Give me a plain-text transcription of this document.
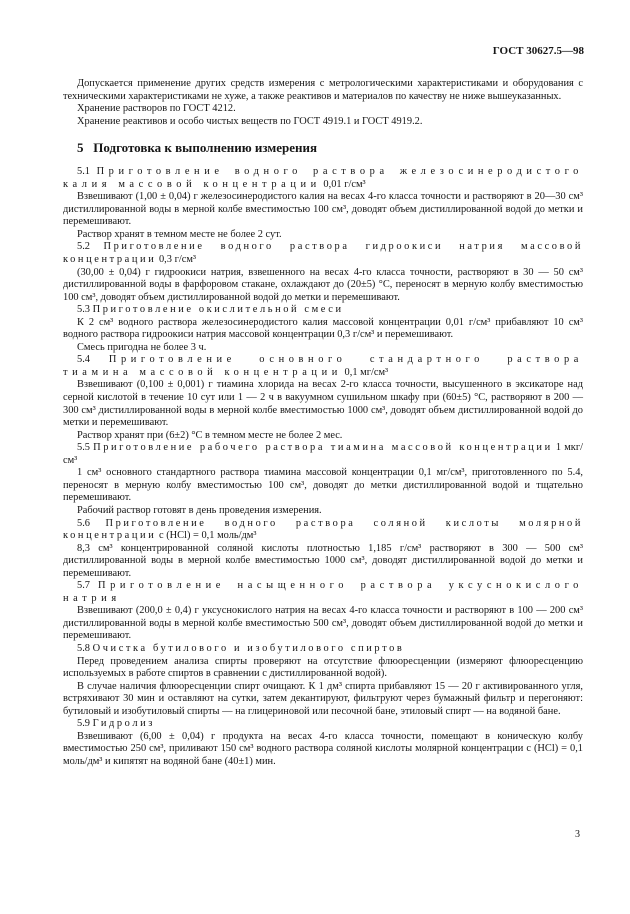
ГОСТ 30627.5—98

Допускается применение других средств измерения с метрологическими характеристиками и оборудования с техническими характеристиками не хуже, а также реактивов и материалов по качеству не ниже вышеуказанных.

Хранение растворов по ГОСТ 4212.

Хранение реактивов и особо чистых веществ по ГОСТ 4919.1 и ГОСТ 4919.2.

5 Подготовка к выполнению измерения

5.1 Приготовление водного раствора железосинеродистого калия массовой концентрации 0,01 г/см³

Взвешивают (1,00 ± 0,04) г железосинеродистого калия на весах 4-го класса точности и растворяют в 20—30 см³ дистиллированной воды в мерной колбе вместимостью 100 см³, доводят объем дистиллированной водой до метки и перемешивают.

Раствор хранят в темном месте не более 2 сут.

5.2 Приготовление водного раствора гидроокиси натрия массовой концентрации 0,3 г/см³

(30,00 ± 0,04) г гидроокиси натрия, взвешенного на весах 4-го класса точности, растворяют в 30 — 50 см³ дистиллированной воды в фарфоровом стакане, охлаждают до (20±5) °С, переносят в мерную колбу вместимостью 100 см³, доводят объем дистиллированной водой до метки и перемешивают.

5.3 Приготовление окислительной смеси

К 2 см³ водного раствора железосинеродистого калия массовой концентрации 0,01 г/см³ прибавляют 10 см³ водного раствора гидроокиси натрия массовой концентрации 0,3 г/см³ и перемешивают.

Смесь пригодна не более 3 ч.

5.4 Приготовление основного стандартного раствора тиамина массовой концентрации 0,1 мг/см³

Взвешивают (0,100 ± 0,001) г тиамина хлорида на весах 2-го класса точности, высушенного в эксикаторе над серной кислотой в течение 10 сут или 1 — 2 ч в вакуумном сушильном шкафу при (60±5) °С, растворяют в 200 — 300 см³ дистиллированной воды в мерной колбе вместимостью 1000 см³, доводят объем дистиллированной водой до метки и перемешивают.

Раствор хранят при (6±2) °С в темном месте не более 2 мес.

5.5 Приготовление рабочего раствора тиамина массовой концентрации 1 мкг/см³

1 см³ основного стандартного раствора тиамина массовой концентрации 0,1 мг/см³, приготовленного по 5.4, переносят в мерную колбу вместимостью 100 см³, доводят до метки дистиллированной водой и тщательно перемешивают.

Рабочий раствор готовят в день проведения измерения.

5.6 Приготовление водного раствора соляной кислоты молярной концентрации c (HCl) = 0,1 моль/дм³

8,3 см³ концентрированной соляной кислоты плотностью 1,185 г/см³ растворяют в 300 — 500 см³ дистиллированной воды в мерной колбе вместимостью 1000 см³, доводят дистиллированной водой до метки и перемешивают.

5.7 Приготовление насыщенного раствора уксуснокислого натрия

Взвешивают (200,0 ± 0,4) г уксуснокислого натрия на весах 4-го класса точности и растворяют в 100 — 200 см³ дистиллированной воды в мерной колбе вместимостью 500 см³, доводят объем дистиллированной водой до метки и перемешивают.

5.8 Очистка бутилового и изобутилового спиртов

Перед проведением анализа спирты проверяют на отсутствие флюоресценции (измеряют флюоресценцию используемых в работе спиртов в сравнении с дистиллированной водой).

В случае наличия флюоресценции спирт очищают. К 1 дм³ спирта прибавляют 15 — 20 г активированного угля, встряхивают 30 мин и оставляют на сутки, затем декантируют, фильтруют через бумажный фильтр и перегоняют: бутиловый и изобутиловый спирты — на глицериновой или песочной бане, этиловый спирт — на водяной бане.

5.9 Гидролиз

Взвешивают (6,00 ± 0,04) г продукта на весах 4-го класса точности, помещают в коническую колбу вместимостью 250 см³, приливают 150 см³ водного раствора соляной кислоты молярной концентрации c (HCl) = 0,1 моль/дм³ и кипятят на водяной бане (40±1) мин.

3
